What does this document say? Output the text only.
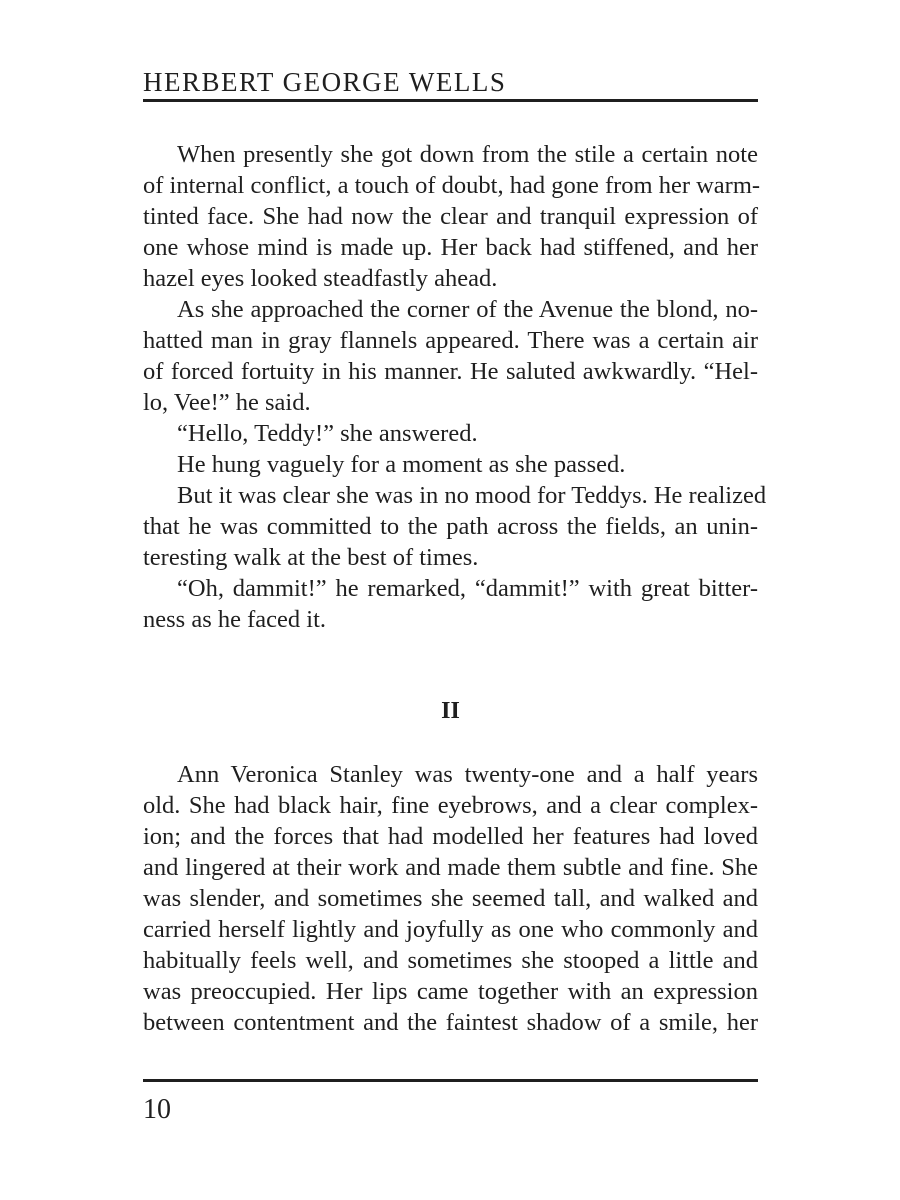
HERBERT GEORGE WELLS
When presently she got down from the stile a certain note
of internal conflict, a touch of doubt, had gone from her warm-
tinted face. She had now the clear and tranquil expression of
one whose mind is made up. Her back had stiffened, and her
hazel eyes looked steadfastly ahead.
As she approached the corner of the Avenue the blond, no-
hatted man in gray flannels appeared. There was a certain air
of forced fortuity in his manner. He saluted awkwardly. “Hel-
lo, Vee!” he said.
“Hello, Teddy!” she answered.
He hung vaguely for a moment as she passed.
But it was clear she was in no mood for Teddys. He realized
that he was committed to the path across the fields, an unin-
teresting walk at the best of times.
“Oh, dammit!” he remarked, “dammit!” with great bitter-
ness as he faced it.
II
Ann Veronica Stanley was twenty-one and a half years
old. She had black hair, fine eyebrows, and a clear complex-
ion; and the forces that had modelled her features had loved
and lingered at their work and made them subtle and fine. She
was slender, and sometimes she seemed tall, and walked and
carried herself lightly and joyfully as one who commonly and
habitually feels well, and sometimes she stooped a little and
was preoccupied. Her lips came together with an expression
between contentment and the faintest shadow of a smile, her
10
